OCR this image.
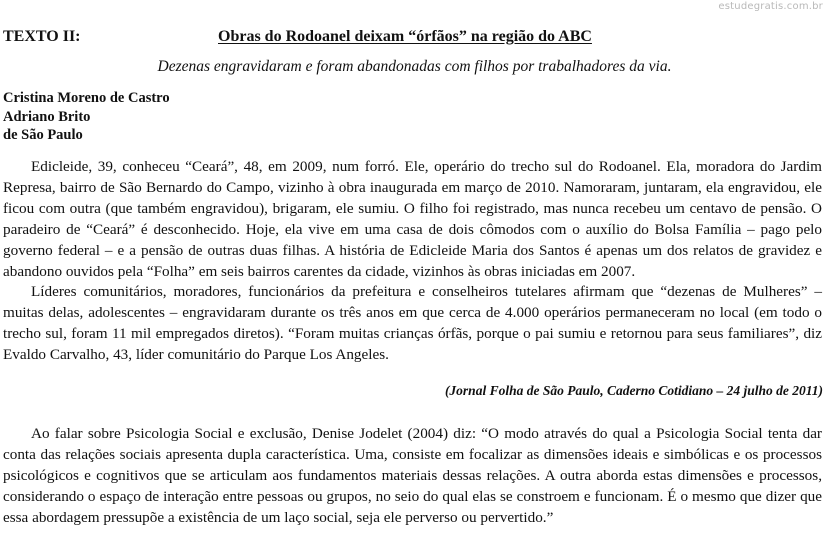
estudegratis.com.br
TEXTO II:	Obras do Rodoanel deixam “órfãos” na região do ABC
Dezenas engravidaram e foram abandonadas com filhos por trabalhadores da via.
Cristina Moreno de Castro
Adriano Brito
de São Paulo

Edicleide, 39, conheceu “Ceará”, 48, em 2009, num forró. Ele, operário do trecho sul do Rodoanel. Ela, moradora do Jardim Represa, bairro de São Bernardo do Campo, vizinho à obra inaugurada em março de 2010. Namoraram, juntaram, ela engravidou, ele ficou com outra (que também engravidou), brigaram, ele sumiu. O filho foi registrado, mas nunca recebeu um centavo de pensão. O paradeiro de “Ceará” é desconhecido. Hoje, ela vive em uma casa de dois cômodos com o auxílio do Bolsa Família – pago pelo governo federal – e a pensão de outras duas filhas. A história de Edicleide Maria dos Santos é apenas um dos relatos de gravidez e abandono ouvidos pela “Folha” em seis bairros carentes da cidade, vizinhos às obras iniciadas em 2007.

Líderes comunitários, moradores, funcionários da prefeitura e conselheiros tutelares afirmam que “dezenas de Mulheres” – muitas delas, adolescentes – engravidaram durante os três anos em que cerca de 4.000 operários permaneceram no local (em todo o trecho sul, foram 11 mil empregados diretos). “Foram muitas crianças órfãs, porque o pai sumiu e retornou para seus familiares”, diz Evaldo Carvalho, 43, líder comunitário do Parque Los Angeles.

(Jornal Folha de São Paulo, Caderno Cotidiano – 24 julho de 2011)

Ao falar sobre Psicologia Social e exclusão, Denise Jodelet (2004) diz: “O modo através do qual a Psicologia Social tenta dar conta das relações sociais apresenta dupla característica. Uma, consiste em focalizar as dimensões ideais e simbólicas e os processos psicológicos e cognitivos que se articulam aos fundamentos materiais dessas relações. A outra aborda estas dimensões e processos, considerando o espaço de interação entre pessoas ou grupos, no seio do qual elas se constroem e funcionam. É o mesmo que dizer que essa abordagem pressupõe a existência de um laço social, seja ele perverso ou pervertido.”
